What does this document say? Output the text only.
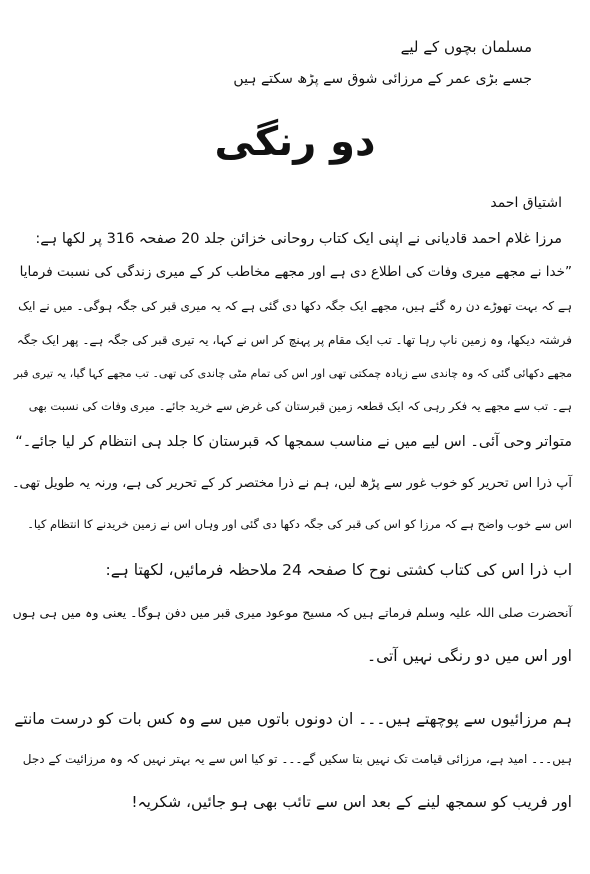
مسلمان بچوں کے لیے
جسے بڑی عمر کے مرزائی شوق سے پڑھ سکتے ہیں
دو رنگی
اشتیاق احمد
مرزا غلام احمد قادیانی نے اپنی ایک کتاب روحانی خزائن جلد 20 صفحہ 316 پر لکھا ہے:
”خدا نے مجھے میری وفات کی اطلاع دی ہے اور مجھے مخاطب کر کے میری زندگی کی نسبت فرمایا
ہے کہ بہت تھوڑے دن رہ گئے ہیں، مجھے ایک جگہ دکھا دی گئی ہے کہ یہ میری قبر کی جگہ ہوگی۔ میں نے ایک
فرشتہ دیکھا، وہ زمین ناپ رہا تھا۔ تب ایک مقام پر پہنچ کر اس نے کہا، یہ تیری قبر کی جگہ ہے۔ پھر ایک جگہ
مجھے دکھائی گئی کہ وہ چاندی سے زیادہ چمکتی تھی اور اس کی تمام مٹی چاندی کی تھی۔ تب مجھے کہا گیا، یہ تیری قبر
ہے۔ تب سے مجھے یہ فکر رہی کہ ایک قطعہ زمین قبرستان کی غرض سے خرید جائے۔ میری وفات کی نسبت بھی
متواتر وحی آئی۔ اس لیے میں نے مناسب سمجھا کہ قبرستان کا جلد ہی انتظام کر لیا جائے۔“
آپ ذرا اس تحریر کو خوب غور سے پڑھ لیں، ہم نے ذرا مختصر کر کے تحریر کی ہے، ورنہ یہ طویل تھی۔
اس سے خوب واضح ہے کہ مرزا کو اس کی قبر کی جگہ دکھا دی گئی اور وہاں اس نے زمین خریدنے کا انتظام کیا۔
اب ذرا اس کی کتاب کشتی نوح کا صفحہ 24 ملاحظہ فرمائیں، لکھتا ہے:
آنحضرت صلی اللہ علیہ وسلم فرماتے ہیں کہ مسیح موعود میری قبر میں دفن ہوگا۔ یعنی وہ میں ہی ہوں
اور اس میں دو رنگی نہیں آتی۔
ہم مرزائیوں سے پوچھتے ہیں۔۔۔ ان دونوں باتوں میں سے وہ کس بات کو درست مانتے
ہیں۔۔۔ امید ہے، مرزائی قیامت تک نہیں بتا سکیں گے۔۔۔ تو کیا اس سے یہ بہتر نہیں کہ وہ مرزائیت کے دجل
اور فریب کو سمجھ لینے کے بعد اس سے تائب بھی ہو جائیں، شکریہ!
